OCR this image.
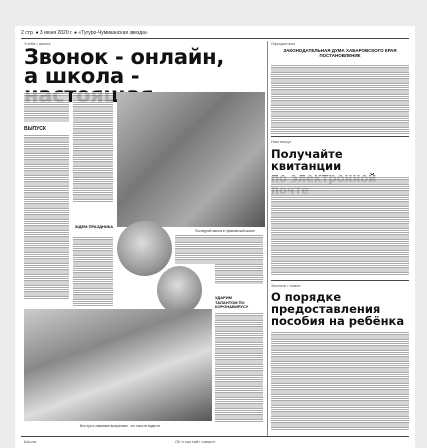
2 стр. ● 3 июня 2020 г. ● «Тугуро-Чумиканская звезда»
Учеба • школа
Звонок - онлайн,
а школа -
ВЫПУСК
Последний звонок в Чумиканской школе
ЖДЕМ ПРАЗДНИКА
УДАРИМ
ТАЛАНТОМ ПО
КОРОНАВИРУСУ
Все пусть знакомые выпускники - это пока не видятся
Официально
ЗАКОНОДАТЕЛЬНАЯ ДУМА ХАБАРОВСКОГО КРАЯ
ПОСТАНОВЛЕНИЕ
Нам пишут
Получайте квитанции
Загляни • новое
О порядке
предоставления
пособия на ребёнка
Школа	ОК и как сайт говорит
